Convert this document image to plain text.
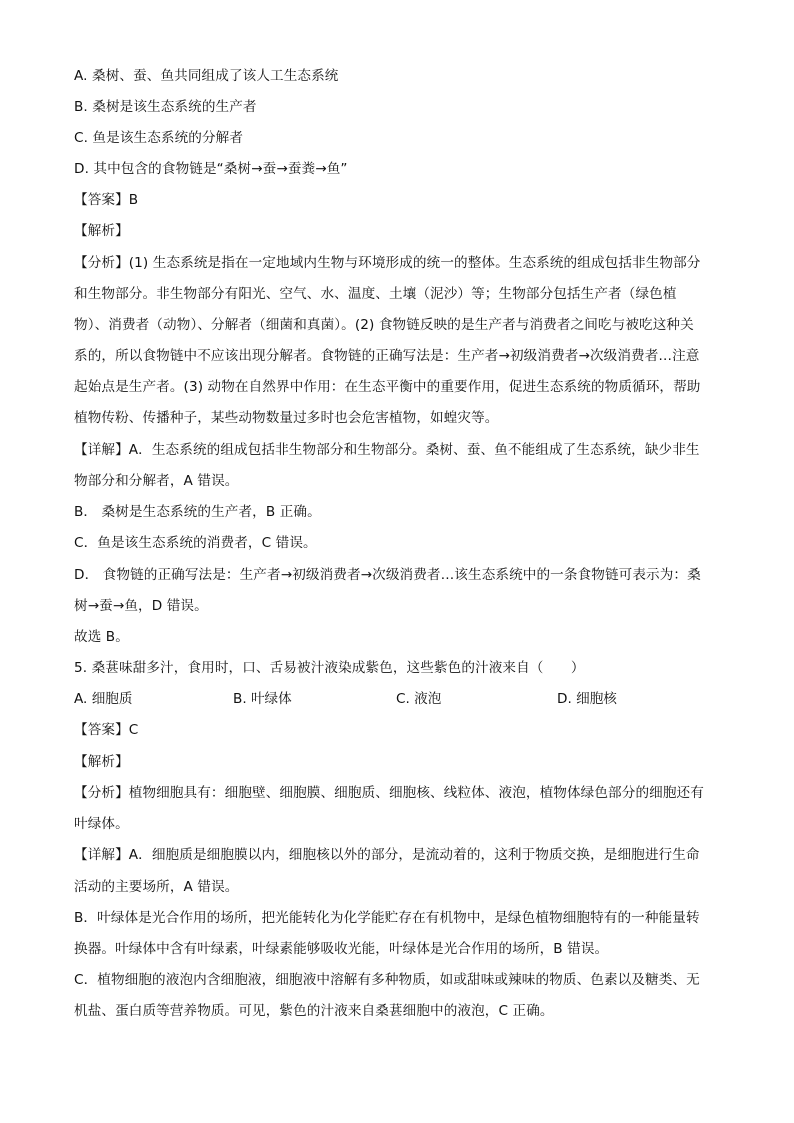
A. 桑树、蚕、鱼共同组成了该人工生态系统
B. 桑树是该生态系统的生产者
C. 鱼是该生态系统的分解者
D. 其中包含的食物链是“桑树→蚕→蚕粪→鱼”
【答案】B
【解析】
【分析】(1) 生态系统是指在一定地域内生物与环境形成的统一的整体。生态系统的组成包括非生物部分
和生物部分。非生物部分有阳光、空气、水、温度、土壤（泥沙）等；生物部分包括生产者（绿色植
物）、消费者（动物）、分解者（细菌和真菌）。(2) 食物链反映的是生产者与消费者之间吃与被吃这种关
系的，所以食物链中不应该出现分解者。食物链的正确写法是：生产者→初级消费者→次级消费者…注意
起始点是生产者。(3) 动物在自然界中作用：在生态平衡中的重要作用，促进生态系统的物质循环，帮助
植物传粉、传播种子，某些动物数量过多时也会危害植物，如蝗灾等。
【详解】A．生态系统的组成包括非生物部分和生物部分。桑树、蚕、鱼不能组成了生态系统，缺少非生
物部分和分解者，A 错误。
B． 桑树是生态系统的生产者，B 正确。
C．鱼是该生态系统的消费者，C 错误。
D． 食物链的正确写法是：生产者→初级消费者→次级消费者…该生态系统中的一条食物链可表示为：桑
树→蚕→鱼，D 错误。
故选 B。
5. 桑葚味甜多汁，食用时，口、舌易被汁液染成紫色，这些紫色的汁液来自（　　）
A. 细胞质	B. 叶绿体	C. 液泡	D. 细胞核
【答案】C
【解析】
【分析】植物细胞具有：细胞壁、细胞膜、细胞质、细胞核、线粒体、液泡，植物体绿色部分的细胞还有
叶绿体。
【详解】A．细胞质是细胞膜以内，细胞核以外的部分，是流动着的，这利于物质交换，是细胞进行生命
活动的主要场所，A 错误。
B．叶绿体是光合作用的场所，把光能转化为化学能贮存在有机物中，是绿色植物细胞特有的一种能量转
换器。叶绿体中含有叶绿素，叶绿素能够吸收光能，叶绿体是光合作用的场所，B 错误。
C．植物细胞的液泡内含细胞液，细胞液中溶解有多种物质，如或甜味或辣味的物质、色素以及糖类、无
机盐、蛋白质等营养物质。可见，紫色的汁液来自桑葚细胞中的液泡，C 正确。
